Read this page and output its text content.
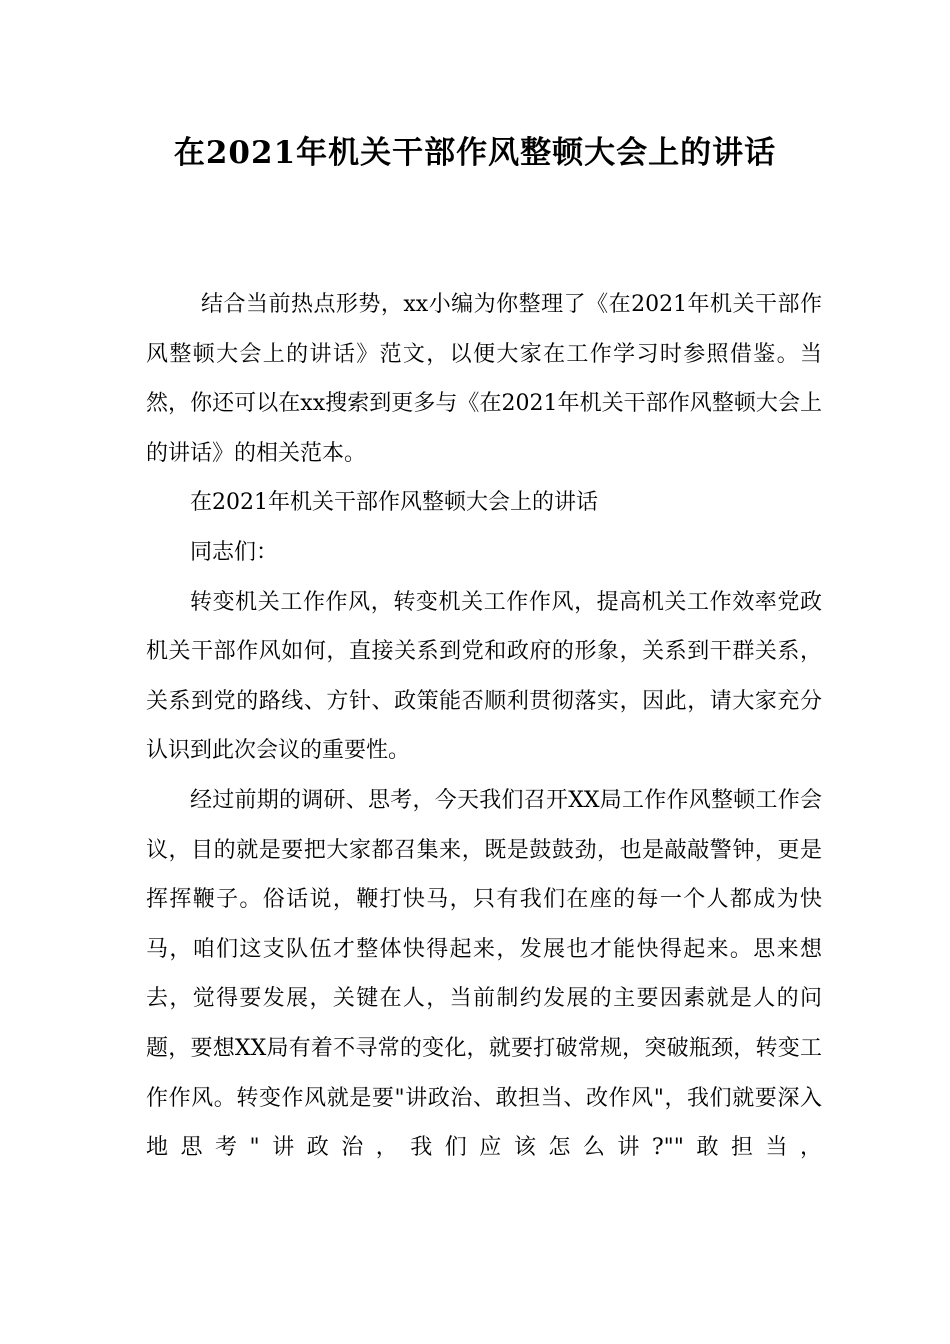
在2021年机关干部作风整顿大会上的讲话

结合当前热点形势，xx小编为你整理了《在2021年机关干部作风整顿大会上的讲话》范文，以便大家在工作学习时参照借鉴。当然，你还可以在xx搜索到更多与《在2021年机关干部作风整顿大会上的讲话》的相关范本。

在2021年机关干部作风整顿大会上的讲话

同志们：

转变机关工作作风，转变机关工作作风，提高机关工作效率党政机关干部作风如何，直接关系到党和政府的形象，关系到干群关系，关系到党的路线、方针、政策能否顺利贯彻落实，因此，请大家充分认识到此次会议的重要性。

经过前期的调研、思考，今天我们召开XX局工作作风整顿工作会议，目的就是要把大家都召集来，既是鼓鼓劲，也是敲敲警钟，更是挥挥鞭子。俗话说，鞭打快马，只有我们在座的每一个人都成为快马，咱们这支队伍才整体快得起来，发展也才能快得起来。思来想去，觉得要发展，关键在人，当前制约发展的主要因素就是人的问题，要想XX局有着不寻常的变化，就要打破常规，突破瓶颈，转变工作作风。转变作风就是要"讲政治、敢担当、改作风"，我们就要深入地思考"讲政治，我们应该怎么讲?""敢担当，
